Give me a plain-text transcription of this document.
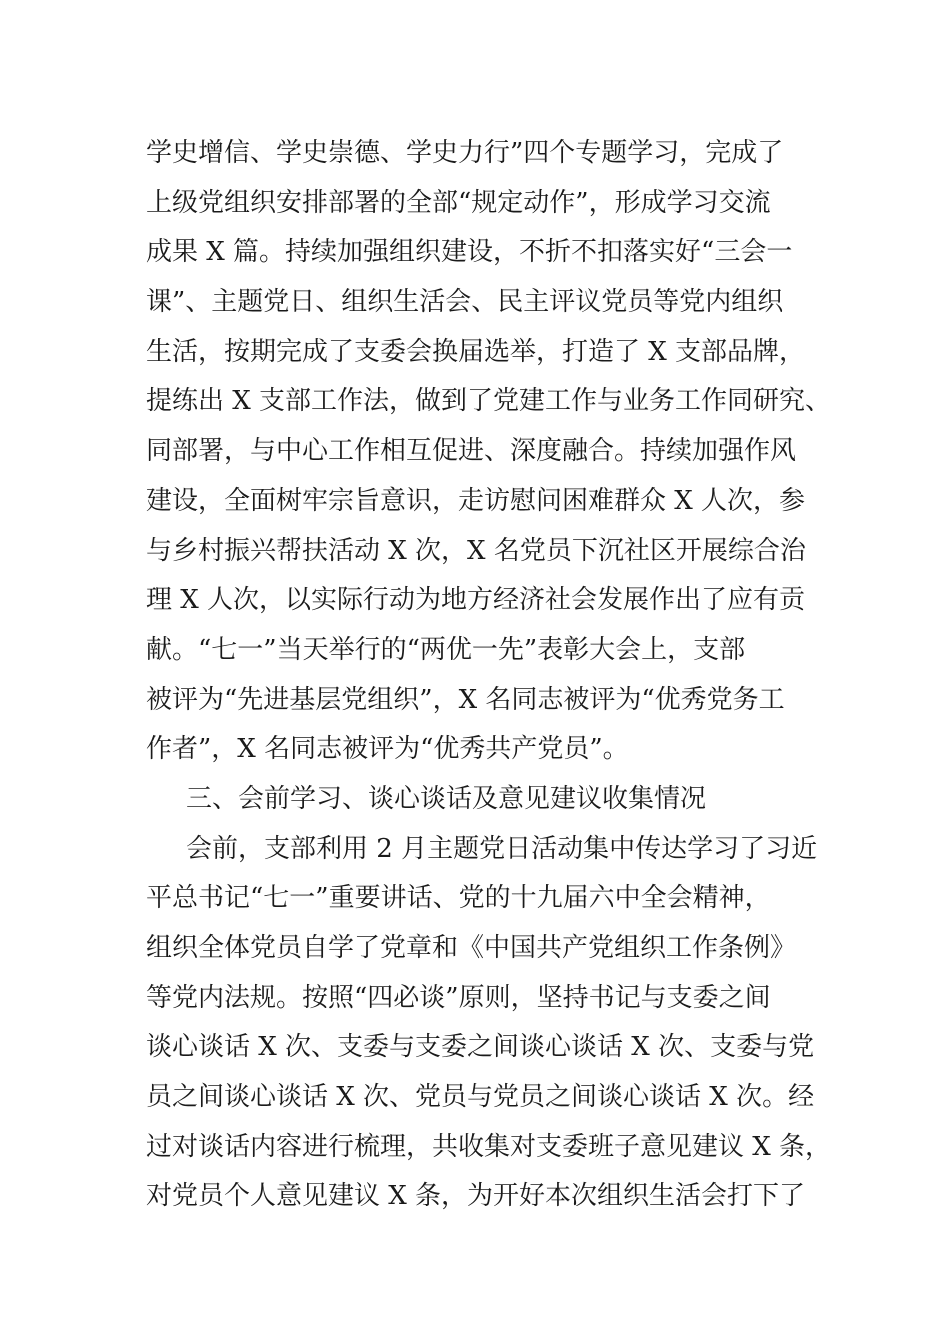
学史增信、学史崇德、学史力行”四个专题学习，完成了
上级党组织安排部署的全部“规定动作”，形成学习交流
成果 X 篇。持续加强组织建设，不折不扣落实好“三会一
课”、主题党日、组织生活会、民主评议党员等党内组织
生活，按期完成了支委会换届选举，打造了 X 支部品牌，
提练出 X 支部工作法，做到了党建工作与业务工作同研究、
同部署，与中心工作相互促进、深度融合。持续加强作风
建设，全面树牢宗旨意识，走访慰问困难群众 X 人次，参
与乡村振兴帮扶活动 X 次，X 名党员下沉社区开展综合治
理 X 人次，以实际行动为地方经济社会发展作出了应有贡
献。“七一”当天举行的“两优一先”表彰大会上，支部
被评为“先进基层党组织”，X 名同志被评为“优秀党务工
作者”，X 名同志被评为“优秀共产党员”。
三、会前学习、谈心谈话及意见建议收集情况
会前，支部利用 2 月主题党日活动集中传达学习了习近
平总书记“七一”重要讲话、党的十九届六中全会精神，
组织全体党员自学了党章和《中国共产党组织工作条例》
等党内法规。按照“四必谈”原则，坚持书记与支委之间
谈心谈话 X 次、支委与支委之间谈心谈话 X 次、支委与党
员之间谈心谈话 X 次、党员与党员之间谈心谈话 X 次。经
过对谈话内容进行梳理，共收集对支委班子意见建议 X 条，
对党员个人意见建议 X 条，为开好本次组织生活会打下了
